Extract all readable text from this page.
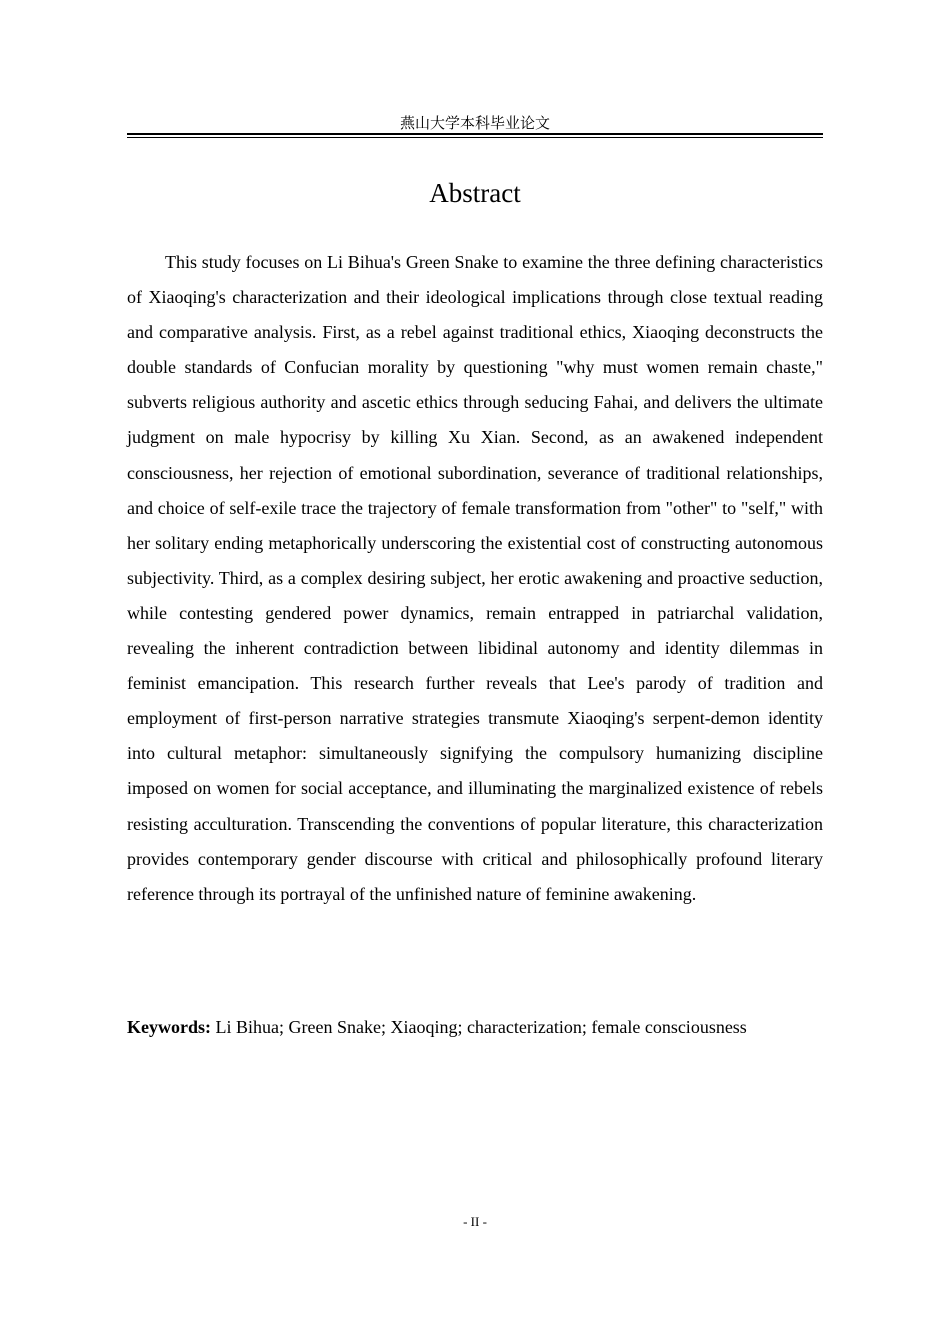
燕山大学本科毕业论文
Abstract

This study focuses on Li Bihua's Green Snake to examine the three defining characteristics of Xiaoqing's characterization and their ideological implications through close textual reading and comparative analysis. First, as a rebel against traditional ethics, Xiaoqing deconstructs the double standards of Confucian morality by questioning "why must women remain chaste," subverts religious authority and ascetic ethics through seducing Fahai, and delivers the ultimate judgment on male hypocrisy by killing Xu Xian. Second, as an awakened independent consciousness, her rejection of emotional subordination, severance of traditional relationships, and choice of self-exile trace the trajectory of female transformation from "other" to "self," with her solitary ending metaphorically underscoring the existential cost of constructing autonomous subjectivity. Third, as a complex desiring subject, her erotic awakening and proactive seduction, while contesting gendered power dynamics, remain entrapped in patriarchal validation, revealing the inherent contradiction between libidinal autonomy and identity dilemmas in feminist emancipation. This research further reveals that Lee's parody of tradition and employment of first-person narrative strategies transmute Xiaoqing's serpent-demon identity into cultural metaphor: simultaneously signifying the compulsory humanizing discipline imposed on women for social acceptance, and illuminating the marginalized existence of rebels resisting acculturation. Transcending the conventions of popular literature, this characterization provides contemporary gender discourse with critical and philosophically profound literary reference through its portrayal of the unfinished nature of feminine awakening.

Keywords: Li Bihua; Green Snake; Xiaoqing; characterization; female consciousness
- II -
